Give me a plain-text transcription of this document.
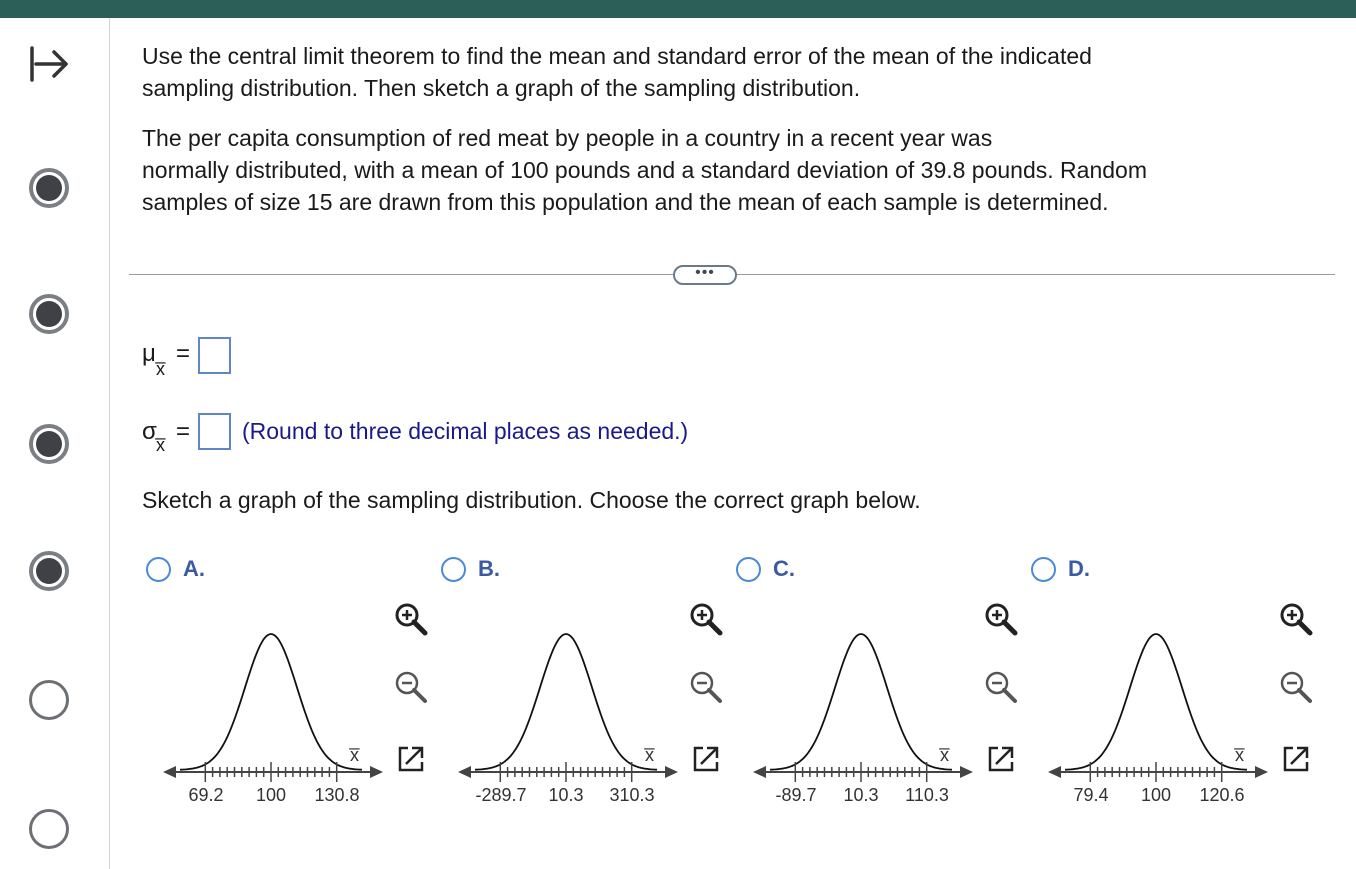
Use the central limit theorem to find the mean and standard error of the mean of the indicated
sampling distribution. Then sketch a graph of the sampling distribution.
The per capita consumption of red meat by people in a country in a recent year was
normally distributed, with a mean of 100 pounds and a standard deviation of 39.8 pounds. Random
samples of size 15 are drawn from this population and the mean of each sample is determined.
•••
μ
x̅
=
σ x̅ = (Round to three decimal places as needed.)
Sketch a graph of the sampling distribution. Choose the correct graph below.
A.
x̅
69.2 100 130.8
B.
x̅
-289.7 10.3 310.3
C.
x̅
-89.7 10.3 110.3
D.
x̅
79.4 100 120.6
